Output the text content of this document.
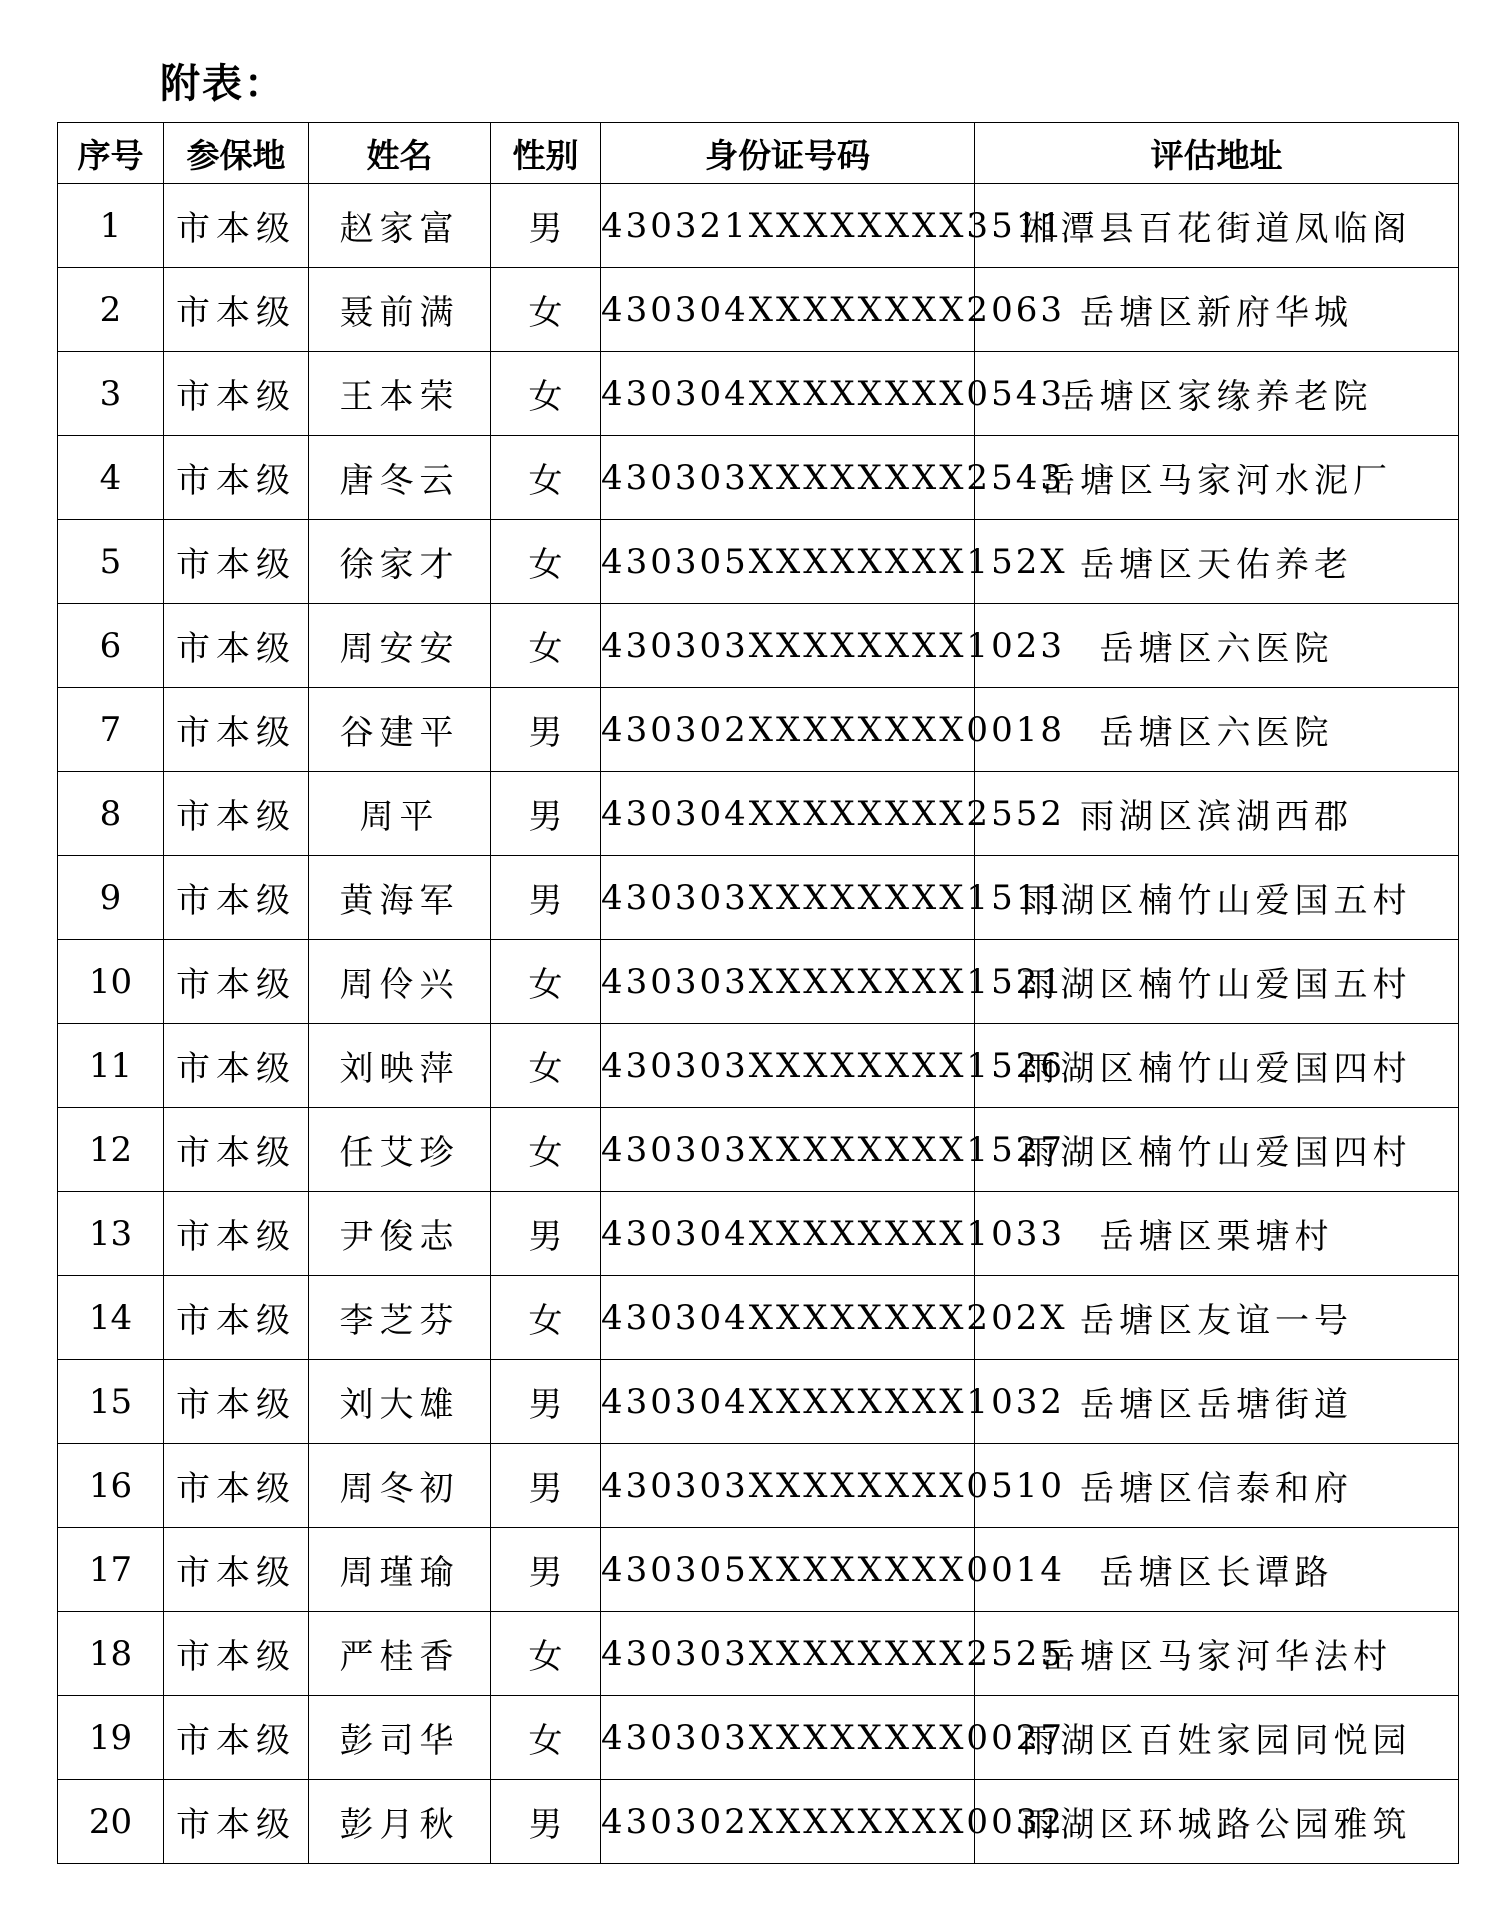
附表：
序号	参保地	姓名	性别	身份证号码	评估地址
1	市本级	赵家富	男	430321XXXXXXXX3511	湘潭县百花街道凤临阁
2	市本级	聂前满	女	430304XXXXXXXX2063	岳塘区新府华城
3	市本级	王本荣	女	430304XXXXXXXX0543	岳塘区家缘养老院
4	市本级	唐冬云	女	430303XXXXXXXX2543	岳塘区马家河水泥厂
5	市本级	徐家才	女	430305XXXXXXXX152X	岳塘区天佑养老
6	市本级	周安安	女	430303XXXXXXXX1023	岳塘区六医院
7	市本级	谷建平	男	430302XXXXXXXX0018	岳塘区六医院
8	市本级	周平	男	430304XXXXXXXX2552	雨湖区滨湖西郡
9	市本级	黄海军	男	430303XXXXXXXX1511	雨湖区楠竹山爱国五村
10	市本级	周伶兴	女	430303XXXXXXXX1521	雨湖区楠竹山爱国五村
11	市本级	刘映萍	女	430303XXXXXXXX1526	雨湖区楠竹山爱国四村
12	市本级	任艾珍	女	430303XXXXXXXX1527	雨湖区楠竹山爱国四村
13	市本级	尹俊志	男	430304XXXXXXXX1033	岳塘区栗塘村
14	市本级	李芝芬	女	430304XXXXXXXX202X	岳塘区友谊一号
15	市本级	刘大雄	男	430304XXXXXXXX1032	岳塘区岳塘街道
16	市本级	周冬初	男	430303XXXXXXXX0510	岳塘区信泰和府
17	市本级	周瑾瑜	男	430305XXXXXXXX0014	岳塘区长谭路
18	市本级	严桂香	女	430303XXXXXXXX2525	岳塘区马家河华法村
19	市本级	彭司华	女	430303XXXXXXXX0027	雨湖区百姓家园同悦园
20	市本级	彭月秋	男	430302XXXXXXXX0032	雨湖区环城路公园雅筑
